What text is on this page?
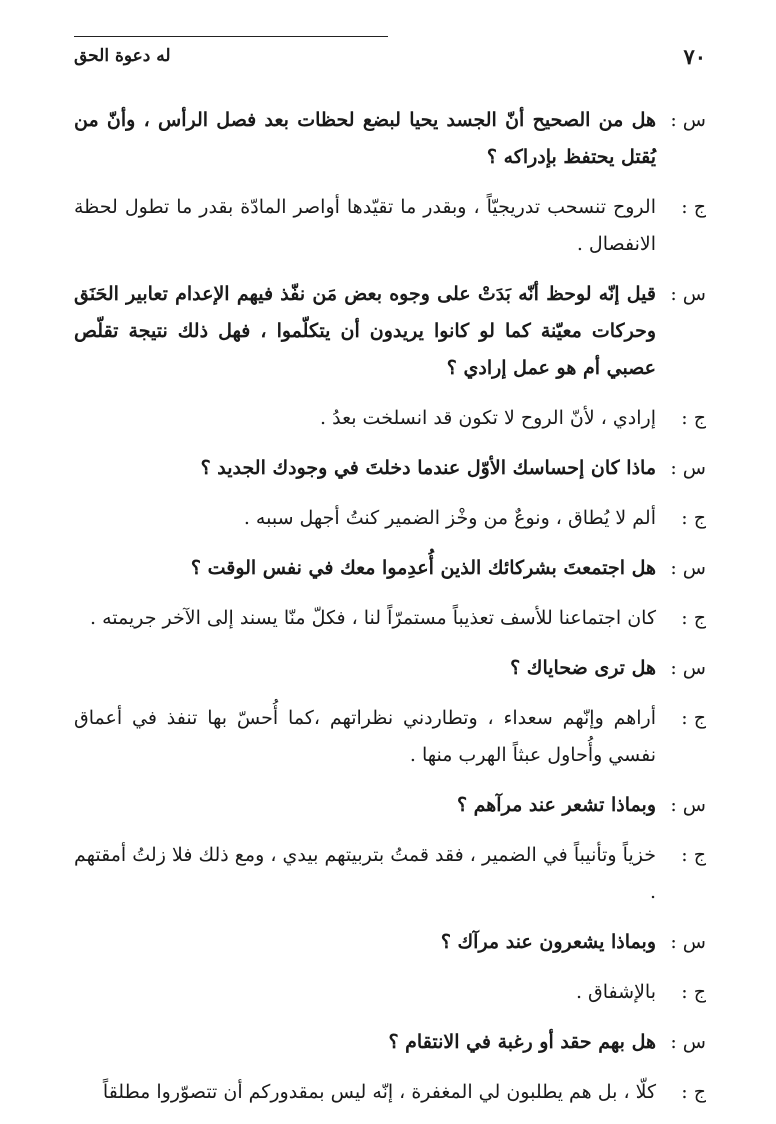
٧٠
له دعوة الحق
س :
هل من الصحيح أنّ الجسد يحيا لبضع لحظات بعد فصل الرأس ، وأنّ من يُقتل يحتفظ بإدراكه ؟
ج :
الروح تنسحب تدريجيّاً ، وبقدر ما تقيّدها أواصر المادّة بقدر ما تطول لحظة الانفصال .
س :
قيل إنّه لوحظ أنّه بَدَتْ على وجوه بعض مَن نفّذ فيهم الإعدام تعابير الحَنَق وحركات معيّنة كما لو كانوا يريدون أن يتكلّموا ، فهل ذلك نتيجة تقلّص عصبي أم هو عمل إرادي ؟
ج :
إرادي ، لأنّ الروح لا تكون قد انسلخت بعدُ .
س :
ماذا كان إحساسك الأوّل عندما دخلتَ في وجودك الجديد ؟
ج :
ألم لا يُطاق ، ونوعٌ من وخْز الضمير كنتُ أجهل سببه .
س :
هل اجتمعتَ بشركائك الذين أُعدِموا معك في نفس الوقت ؟
ج :
كان اجتماعنا للأسف تعذيباً مستمرّاً لنا ، فكلّ منّا يسند إلى الآخر جريمته .
س :
هل ترى ضحاياك ؟
ج :
أراهم وإنّهم سعداء ، وتطاردني نظراتهم ،كما أُحسّ بها تنفذ في أعماق نفسي وأُحاول عبثاً الهرب منها .
س :
وبماذا تشعر عند مرآهم ؟
ج :
خزياً وتأنيباً في الضمير ، فقد قمتُ بتربيتهم بيدي ، ومع ذلك فلا زلتُ أمقتهم .
س :
وبماذا يشعرون عند مرآك ؟
ج :
بالإشفاق .
س :
هل بهم حقد أو رغبة في الانتقام ؟
ج :
كلّا ، بل هم يطلبون لي المغفرة ، إنّه ليس بمقدوركم أن تتصوّروا مطلقاً
